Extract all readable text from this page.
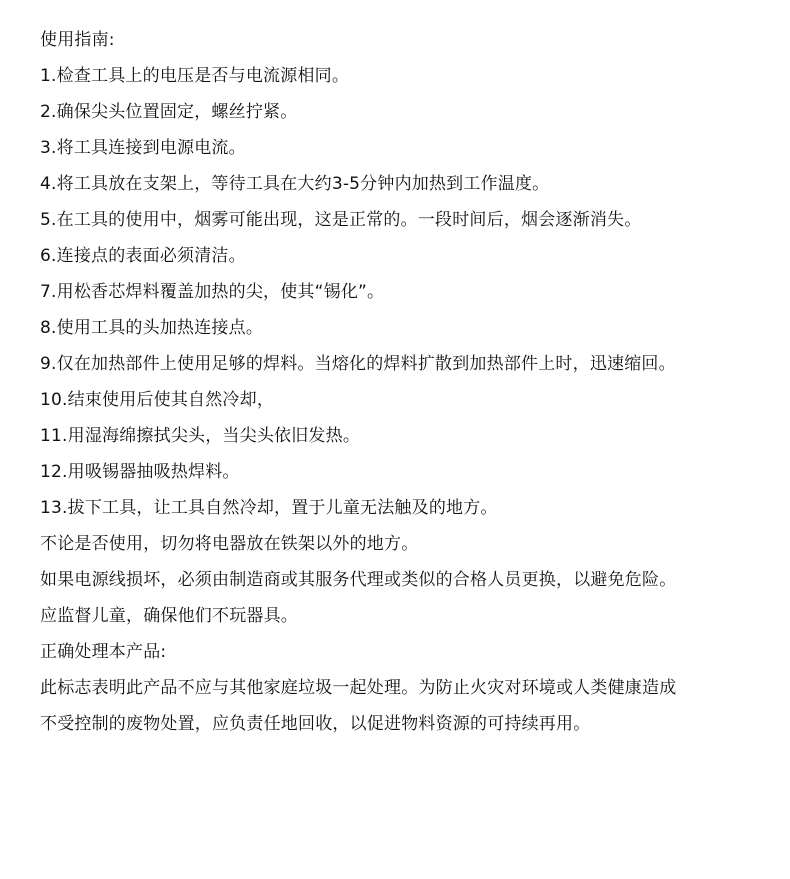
使用指南:
1.检查工具上的电压是否与电流源相同。
2.确保尖头位置固定，螺丝拧紧。
3.将工具连接到电源电流。
4.将工具放在支架上，等待工具在大约3-5分钟内加热到工作温度。
5.在工具的使用中，烟雾可能出现，这是正常的。一段时间后，烟会逐渐消失。
6.连接点的表面必须清洁。
7.用松香芯焊料覆盖加热的尖，使其“锡化”。
8.使用工具的头加热连接点。
9.仅在加热部件上使用足够的焊料。当熔化的焊料扩散到加热部件上时，迅速缩回。
10.结束使用后使其自然冷却，
11.用湿海绵擦拭尖头，当尖头依旧发热。
12.用吸锡器抽吸热焊料。
13.拔下工具，让工具自然冷却，置于儿童无法触及的地方。
不论是否使用，切勿将电器放在铁架以外的地方。
如果电源线损坏，必须由制造商或其服务代理或类似的合格人员更换，以避免危险。
应监督儿童，确保他们不玩器具。
正确处理本产品:
此标志表明此产品不应与其他家庭垃圾一起处理。为防止火灾对环境或人类健康造成
不受控制的废物处置，应负责任地回收，以促进物料资源的可持续再用。
